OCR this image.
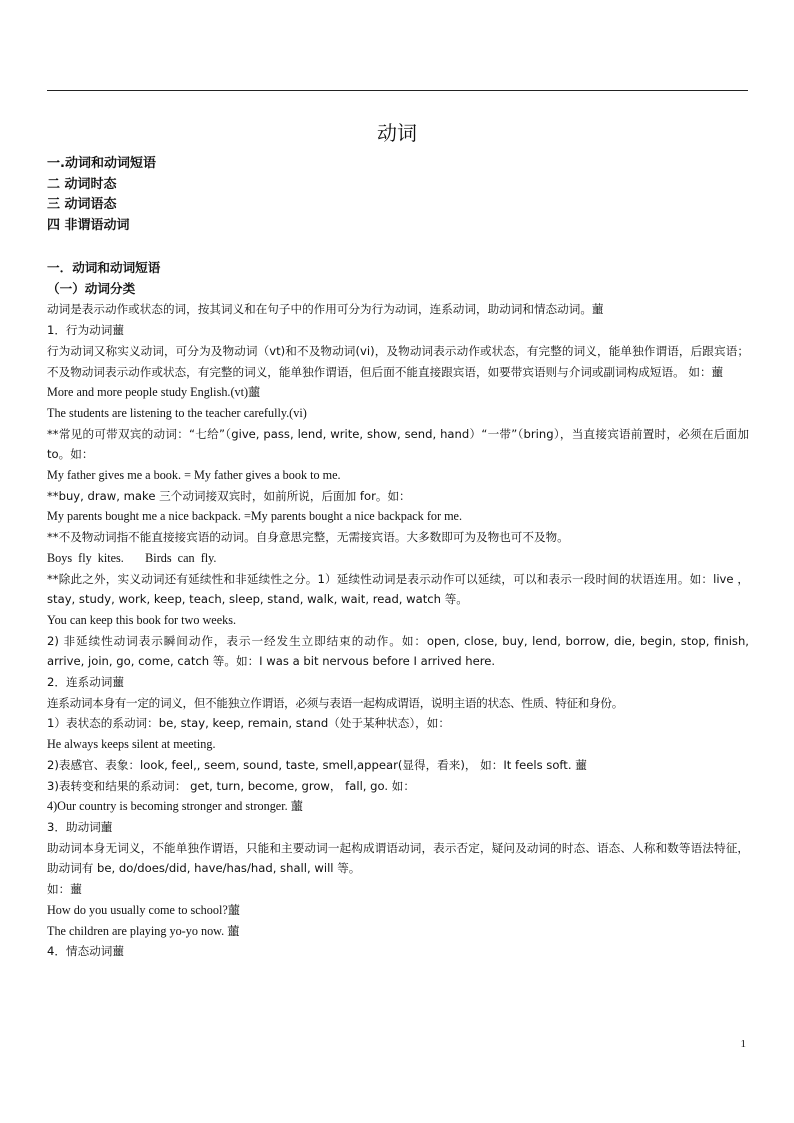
动词
一.动词和动词短语
二 动词时态
三 动词语态
四 非谓语动词
一．动词和动词短语
（一）动词分类
动词是表示动作或状态的词，按其词义和在句子中的作用可分为行为动词，连系动词，助动词和情态动词。蘁
1．行为动词蘁
行为动词又称实义动词，可分为及物动词（vt)和不及物动词(vi)，及物动词表示动作或状态，有完整的词义，能单独作谓语，后跟宾语；不及物动词表示动作或状态，有完整的词义，能单独作谓语，但后面不能直接跟宾语，如要带宾语则与介词或副词构成短语。 如：蘁
More and more people study English.(vt)蘁
The students are listening to the teacher carefully.(vi)
**常见的可带双宾的动词：“七给”（give, pass, lend, write, show, send, hand）“一带”（bring），当直接宾语前置时，必须在后面加 to。如：
My father gives me a book. = My father gives a book to me.
**buy, draw, make 三个动词接双宾时，如前所说，后面加 for。如：
My parents bought me a nice backpack. =My parents bought a nice backpack for me.
**不及物动词指不能直接接宾语的动词。自身意思完整，无需接宾语。大多数即可为及物也可不及物。
Boys  fly  kites.       Birds  can  fly.
**除此之外，实义动词还有延续性和非延续性之分。1）延续性动词是表示动作可以延续，可以和表示一段时间的状语连用。如：live ，stay, study, work, keep, teach, sleep, stand, walk, wait, read, watch 等。
You can keep this book for two weeks.
2) 非延续性动词表示瞬间动作，表示一经发生立即结束的动作。如：open, close, buy, lend, borrow, die, begin, stop, finish, arrive, join, go, come, catch 等。如：I was a bit nervous before I arrived here.
2．连系动词蘁
连系动词本身有一定的词义，但不能独立作谓语，必须与表语一起构成谓语，说明主语的状态、性质、特征和身份。
1）表状态的系动词：be, stay, keep, remain, stand（处于某种状态），如：
He always keeps silent at meeting.
2)表感官、表象：look, feel,, seem, sound, taste, smell,appear(显得，看来)， 如：It feels soft. 蘁
3)表转变和结果的系动词： get, turn, become, grow， fall, go. 如：
4)Our country is becoming stronger and stronger. 蘁
3．助动词蘁
助动词本身无词义，不能单独作谓语，只能和主要动词一起构成谓语动词，表示否定，疑问及动词的时态、语态、人称和数等语法特征，助动词有 be, do/does/did, have/has/had, shall, will 等。
如：蘁
How do you usually come to school?蘁
The children are playing yo-yo now. 蘁
4．情态动词蘁
1
